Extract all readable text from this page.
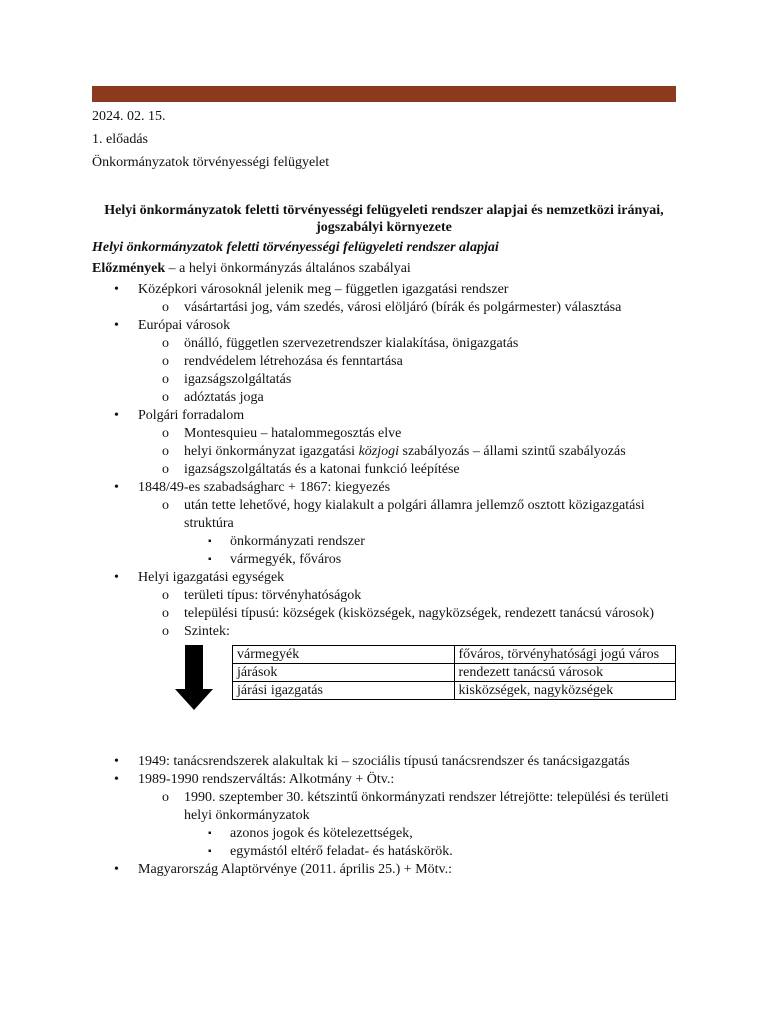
2024. 02. 15.

1. előadás

Önkormányzatok törvényességi felügyelet

Helyi önkormányzatok feletti törvényességi felügyeleti rendszer alapjai és nemzetközi irányai, jogszabályi környezete

Helyi önkormányzatok feletti törvényességi felügyeleti rendszer alapjai

Előzmények – a helyi önkormányzás általános szabályai

• Középkori városoknál jelenik meg – független igazgatási rendszer
o vásártartási jog, vám szedés, városi elöljáró (bírák és polgármester) választása
• Európai városok
o önálló, független szervezetrendszer kialakítása, önigazgatás
o rendvédelem létrehozása és fenntartása
o igazságszolgáltatás
o adóztatás joga
• Polgári forradalom
o Montesquieu – hatalommegosztás elve
o helyi önkormányzat igazgatási közjogi szabályozás – állami szintű szabályozás
o igazságszolgáltatás és a katonai funkció leépítése
• 1848/49-es szabadságharc + 1867: kiegyezés
o után tette lehetővé, hogy kialakult a polgári államra jellemző osztott közigazgatási struktúra
▪ önkormányzati rendszer
▪ vármegyék, főváros
• Helyi igazgatási egységek
o területi típus: törvényhatóságok
o települési típusú: községek (kisközségek, nagyközségek, rendezett tanácsú városok)
o Szintek:
vármegyék	főváros, törvényhatósági jogú város
járások	rendezett tanácsú városok
járási igazgatás	kisközségek, nagyközségek
• 1949: tanácsrendszerek alakultak ki – szociális típusú tanácsrendszer és tanácsigazgatás
• 1989-1990 rendszerváltás: Alkotmány + Ötv.:
o 1990. szeptember 30. kétszintű önkormányzati rendszer létrejötte: települési és területi helyi önkormányzatok
▪ azonos jogok és kötelezettségek,
▪ egymástól eltérő feladat- és hatáskörök.
• Magyarország Alaptörvénye (2011. április 25.) + Mötv.:
